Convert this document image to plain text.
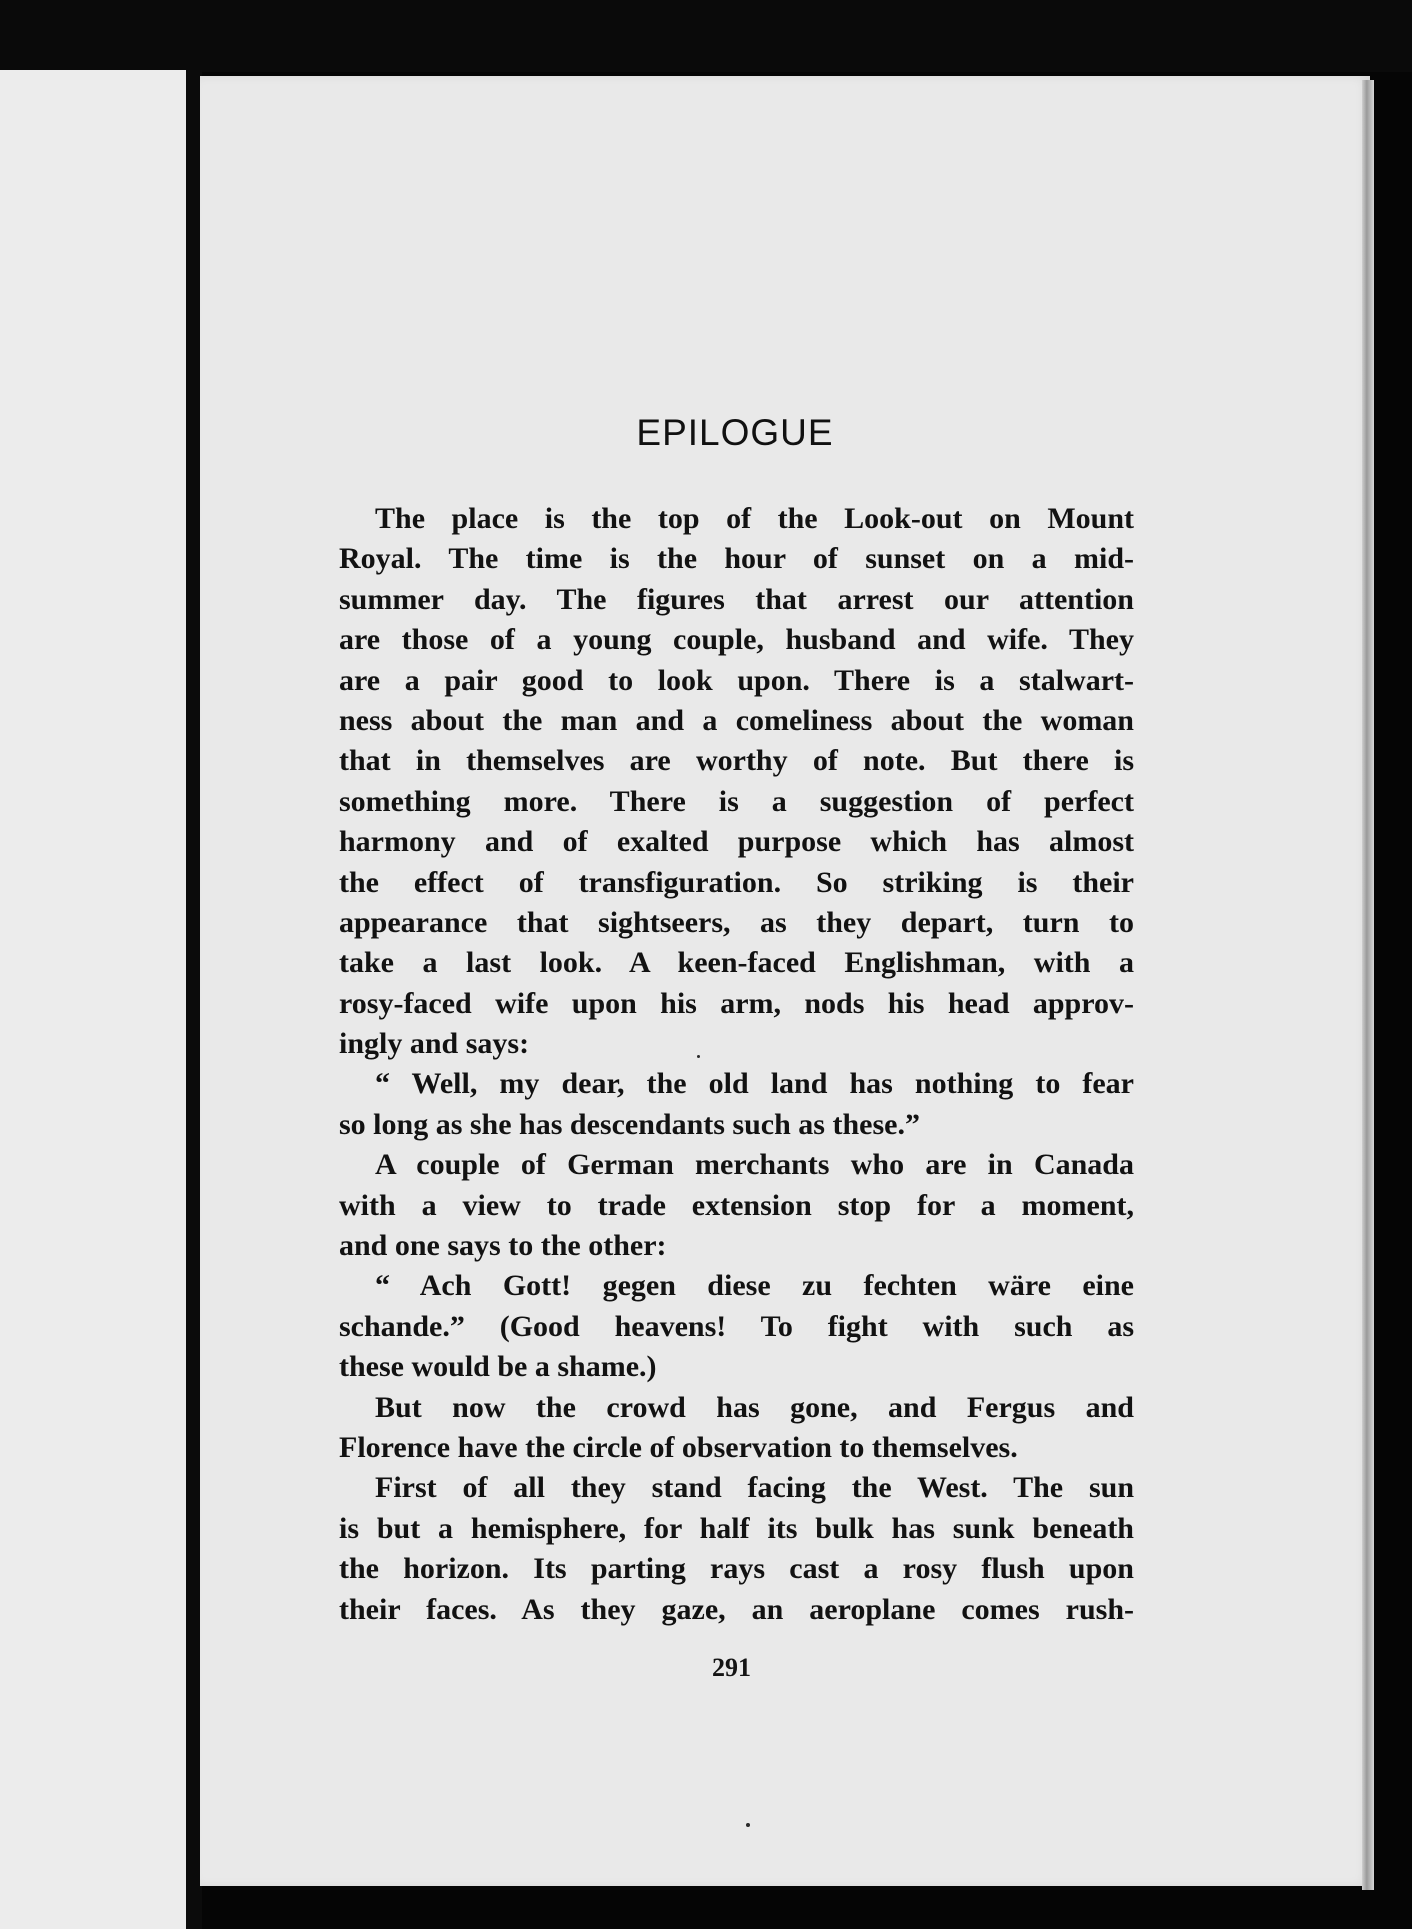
EPILOGUE
The place is the top of the Look-out on Mount
Royal. The time is the hour of sunset on a mid-
summer day. The figures that arrest our attention
are those of a young couple, husband and wife. They
are a pair good to look upon. There is a stalwart-
ness about the man and a comeliness about the woman
that in themselves are worthy of note. But there is
something more. There is a suggestion of perfect
harmony and of exalted purpose which has almost
the effect of transfiguration. So striking is their
appearance that sightseers, as they depart, turn to
take a last look. A keen-faced Englishman, with a
rosy-faced wife upon his arm, nods his head approv-
ingly and says:
“ Well, my dear, the old land has nothing to fear
so long as she has descendants such as these.”
A couple of German merchants who are in Canada
with a view to trade extension stop for a moment,
and one says to the other:
“ Ach Gott! gegen diese zu fechten wäre eine
schande.” (Good heavens! To fight with such as
these would be a shame.)
But now the crowd has gone, and Fergus and
Florence have the circle of observation to themselves.
First of all they stand facing the West. The sun
is but a hemisphere, for half its bulk has sunk beneath
the horizon. Its parting rays cast a rosy flush upon
their faces. As they gaze, an aeroplane comes rush-
291
